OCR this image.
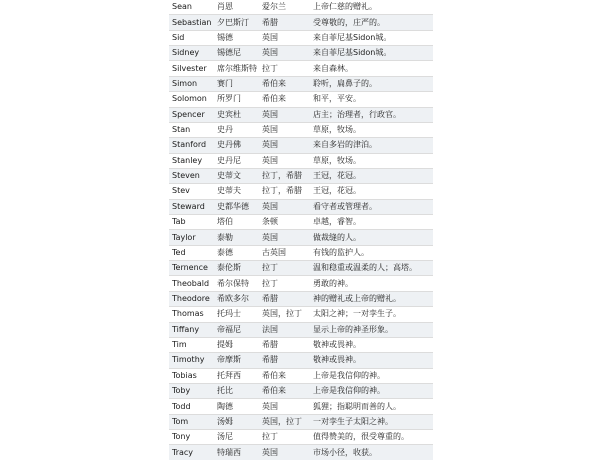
Sean	肖恩	爱尔兰	上帝仁慈的赠礼。
Sebastian	夕巴斯汀	希腊	受尊敬的，庄严的。
Sid	锡德	英国	来自菲尼基Sidon城。
Sidney	锡德尼	英国	来自菲尼基Sidon城。
Silvester	席尔维斯特	拉丁	来自森林。
Simon	赛门	希伯来	聆听，扁鼻子的。
Solomon	所罗门	希伯来	和平，平安。
Spencer	史宾杜	英国	店主；治理者，行政官。
Stan	史丹	英国	草原，牧场。
Stanford	史丹佛	英国	来自多岩的津泊。
Stanley	史丹尼	英国	草原，牧场。
Steven	史蒂文	拉丁，希腊	王冠，花冠。
Stev	史蒂夫	拉丁，希腊	王冠，花冠。
Steward	史都华德	英国	看守者或管理者。
Tab	塔伯	条顿	卓越，睿智。
Taylor	泰勒	英国	做裁缝的人。
Ted	泰德	古英国	有钱的监护人。
Ternence	泰伦斯	拉丁	温和稳重或温柔的人；高塔。
Theobald	希尔保特	拉丁	勇敢的神。
Theodore	希欧多尔	希腊	神的赠礼或上帝的赠礼。
Thomas	托玛士	英国，拉丁	太阳之神；一对孪生子。
Tiffany	帝福尼	法国	显示上帝的神圣形象。
Tim	提姆	希腊	敬神或畏神。
Timothy	帝摩斯	希腊	敬神或畏神。
Tobias	托拜西	希伯来	上帝是我信仰的神。
Toby	托比	希伯来	上帝是我信仰的神。
Todd	陶德	英国	狐狸；指聪明而善的人。
Tom	汤姆	英国，拉丁	一对孪生子太阳之神。
Tony	汤尼	拉丁	值得赞美的，很受尊重的。
Tracy	特瑞西	英国	市场小径，收获。
